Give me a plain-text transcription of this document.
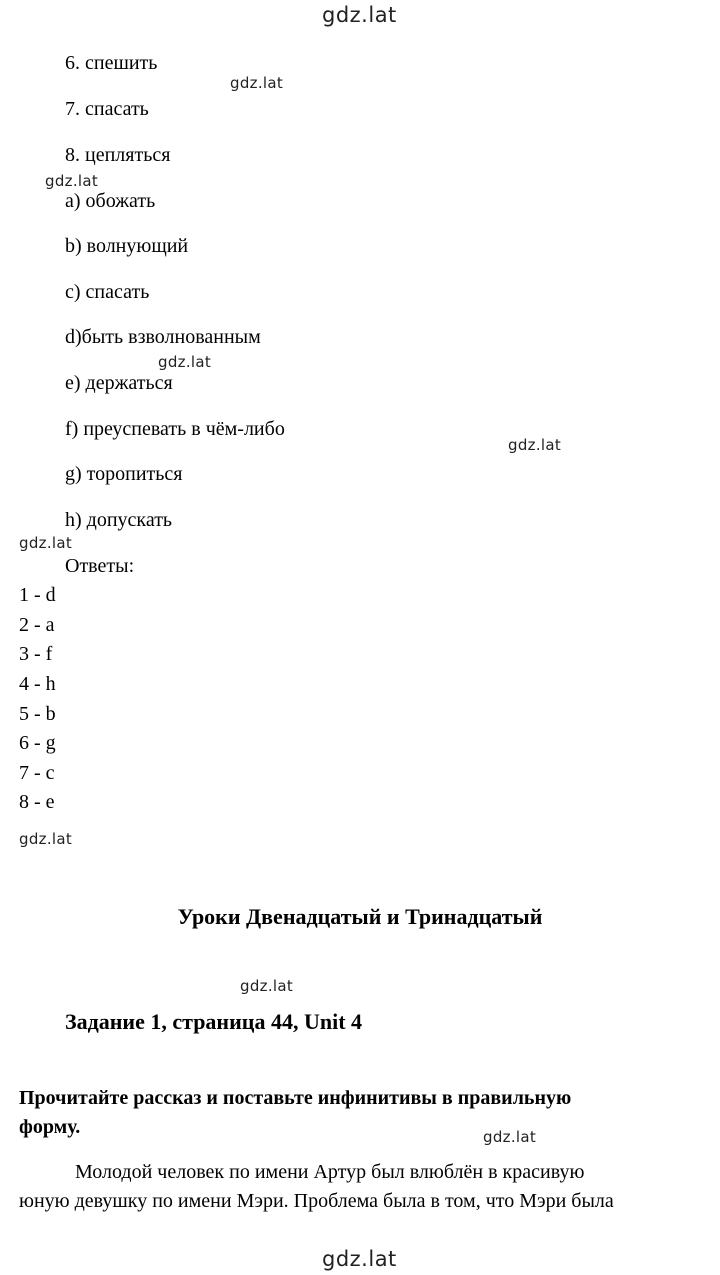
gdz.lat
gdz.lat
gdz.lat
gdz.lat
gdz.lat
gdz.lat
gdz.lat
gdz.lat
gdz.lat
gdz.lat
6. спешить
7. спасать
8. цепляться
a) обожать
b) волнующий
c) спасать
d)быть взволнованным
e) держаться
f) преуспевать в чём-либо
g) торопиться
h) допускать
Ответы:
1 - d
2 - a
3 - f
4 - h
5 - b
6 - g
7 - c
8 - e
Уроки Двенадцатый и Тринадцатый
Задание 1, страница 44, Unit 4
Прочитайте рассказ и поставьте инфинитивы в правильную
форму.
Молодой человек по имени Артур был влюблён в красивую
юную девушку по имени Мэри. Проблема была в том, что Мэри была
